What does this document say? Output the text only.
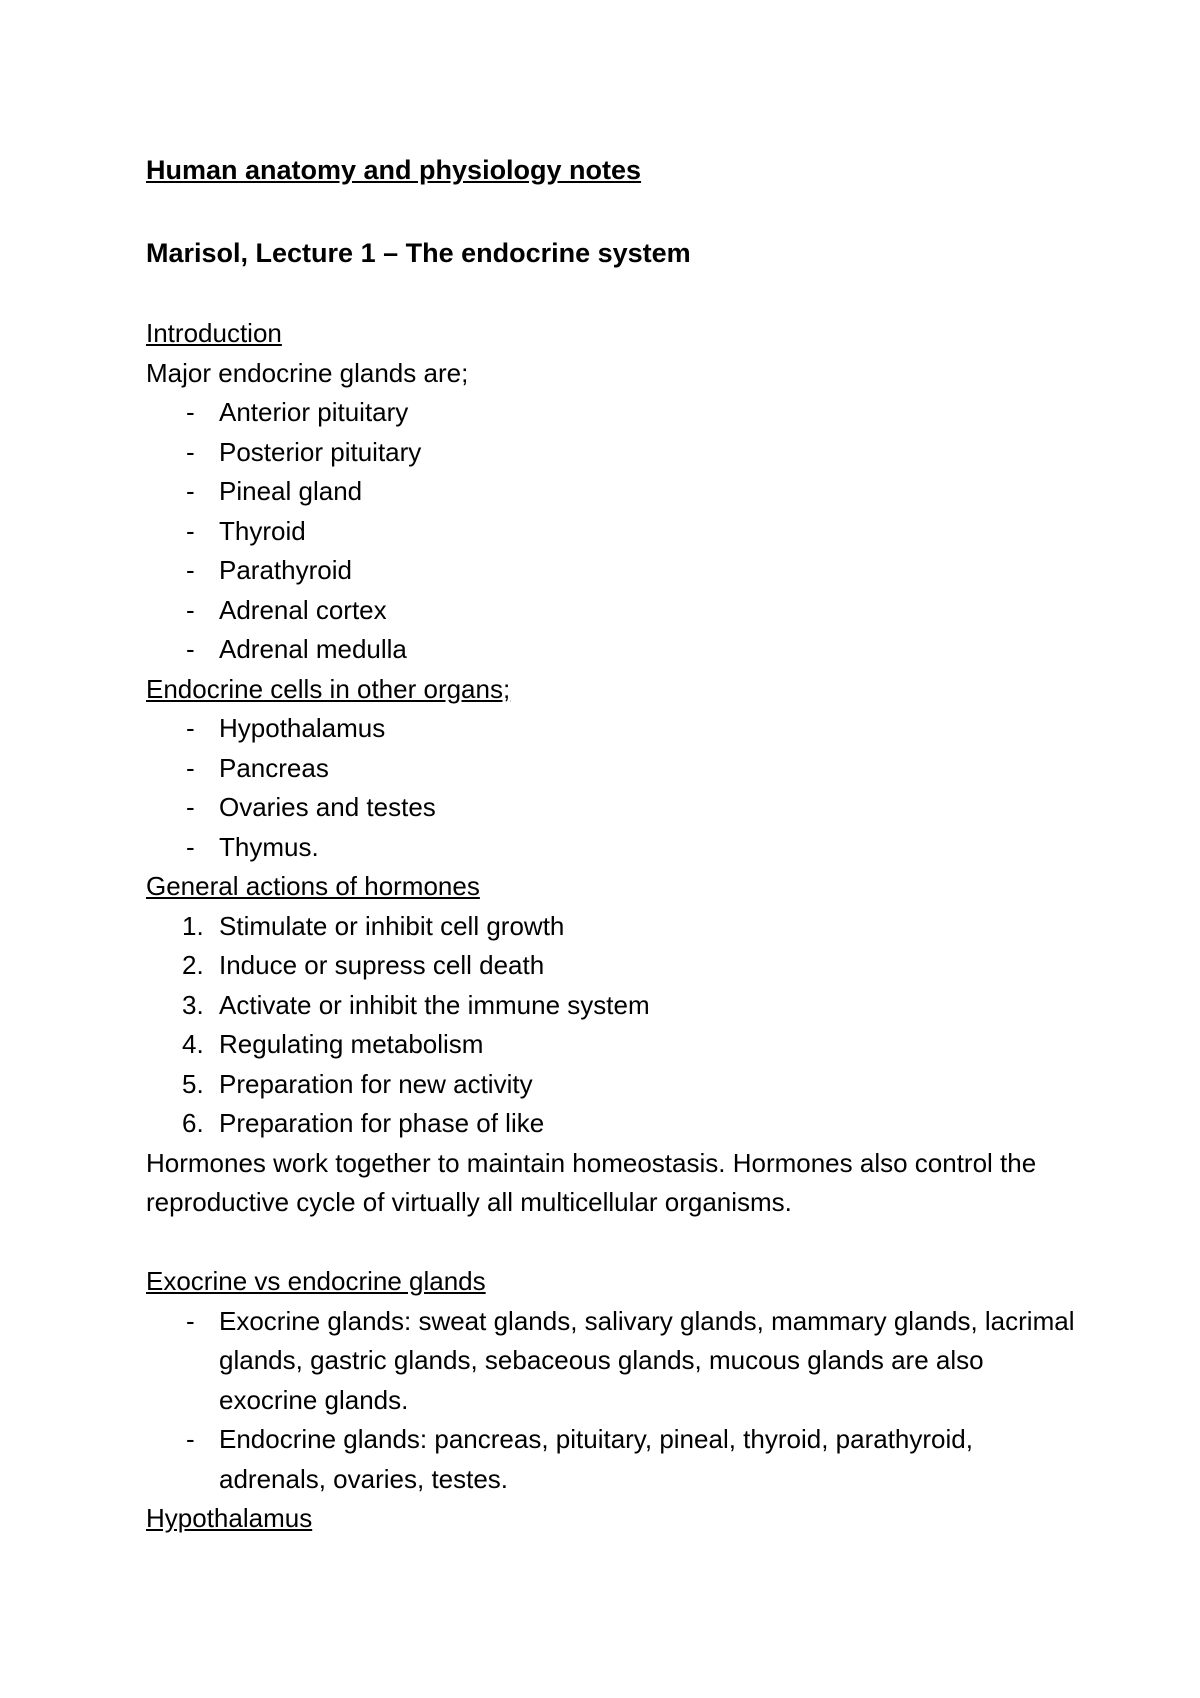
Human anatomy and physiology notes
Marisol, Lecture 1 – The endocrine system
Introduction

Major endocrine glands are;

- Anterior pituitary
- Posterior pituitary
- Pineal gland
- Thyroid
- Parathyroid
- Adrenal cortex
- Adrenal medulla
Endocrine cells in other organs;
- Hypothalamus
- Pancreas
- Ovaries and testes
- Thymus.
General actions of hormones
1. Stimulate or inhibit cell growth
2. Induce or supress cell death
3. Activate or inhibit the immune system
4. Regulating metabolism
5. Preparation for new activity
6. Preparation for phase of like

Hormones work together to maintain homeostasis. Hormones also control the reproductive cycle of virtually all multicellular organisms.

Exocrine vs endocrine glands
- Exocrine glands: sweat glands, salivary glands, mammary glands, lacrimal glands, gastric glands, sebaceous glands, mucous glands are also exocrine glands.
- Endocrine glands: pancreas, pituitary, pineal, thyroid, parathyroid, adrenals, ovaries, testes.
Hypothalamus
